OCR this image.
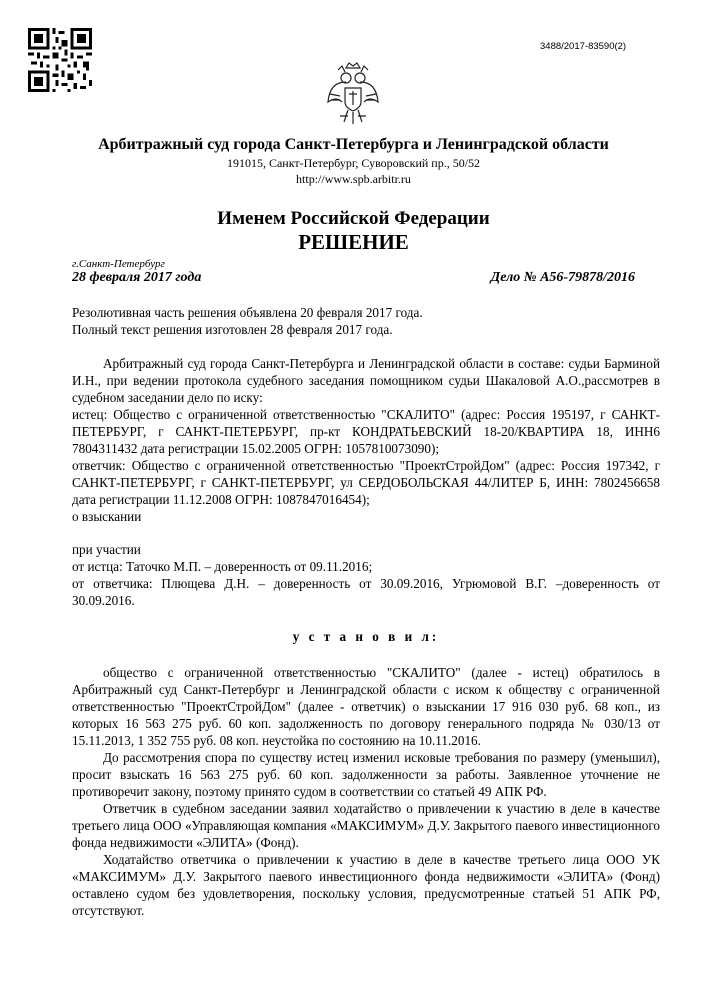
3488/2017-83590(2)
Арбитражный суд города Санкт-Петербурга и Ленинградской области
191015, Санкт-Петербург, Суворовский пр., 50/52
http://www.spb.arbitr.ru
Именем Российской Федерации
РЕШЕНИЕ
г.Санкт-Петербург
28 февраля 2017 года	Дело № А56-79878/2016

Резолютивная часть решения объявлена 20 февраля 2017 года.

Полный текст решения изготовлен 28 февраля 2017 года.

Арбитражный суд города Санкт-Петербурга и Ленинградской области в составе: судьи Барминой И.Н., при ведении протокола судебного заседания помощником судьи Шакаловой А.О.,рассмотрев в судебном заседании дело по иску:

истец: Общество с ограниченной ответственностью "СКАЛИТО" (адрес: Россия 195197, г САНКТ-ПЕТЕРБУРГ, г САНКТ-ПЕТЕРБУРГ, пр-кт КОНДРАТЬЕВСКИЙ 18-20/КВАРТИРА 18, ИНН6 7804311432 дата регистрации 15.02.2005 ОГРН: 1057810073090);

ответчик: Общество с ограниченной ответственностью "ПроектСтройДом" (адрес: Россия 197342, г САНКТ-ПЕТЕРБУРГ, г САНКТ-ПЕТЕРБУРГ, ул СЕРДОБОЛЬСКАЯ 44/ЛИТЕР Б, ИНН: 7802456658 дата регистрации 11.12.2008 ОГРН: 1087847016454);

о взыскании

при участии

от истца: Таточко М.П. – доверенность от 09.11.2016;

от ответчика: Плющева Д.Н. – доверенность от 30.09.2016, Угрюмовой В.Г. –доверенность от 30.09.2016.

у с т а н о в и л:

общество с ограниченной ответственностью "СКАЛИТО" (далее - истец) обратилось в Арбитражный суд Санкт-Петербург и Ленинградской области с иском к обществу с ограниченной ответственностью "ПроектСтройДом" (далее - ответчик) о взыскании 17 916 030 руб. 68 коп., из которых 16 563 275 руб. 60 коп. задолженность по договору генерального подряда № 030/13 от 15.11.2013, 1 352 755 руб. 08 коп. неустойка по состоянию на 10.11.2016.

До рассмотрения спора по существу истец изменил исковые требования по размеру (уменьшил), просит взыскать 16 563 275 руб. 60 коп. задолженности за работы. Заявленное уточнение не противоречит закону, поэтому принято судом в соответствии со статьей 49 АПК РФ.

Ответчик в судебном заседании заявил ходатайство о привлечении к участию в деле в качестве третьего лица ООО «Управляющая компания «МАКСИМУМ» Д.У. Закрытого паевого инвестиционного фонда недвижимости «ЭЛИТА» (Фонд).

Ходатайство ответчика о привлечении к участию в деле в качестве третьего лица ООО УК «МАКСИМУМ» Д.У. Закрытого паевого инвестиционного фонда недвижимости «ЭЛИТА» (Фонд) оставлено судом без удовлетворения, поскольку условия, предусмотренные статьей 51 АПК РФ, отсутствуют.
